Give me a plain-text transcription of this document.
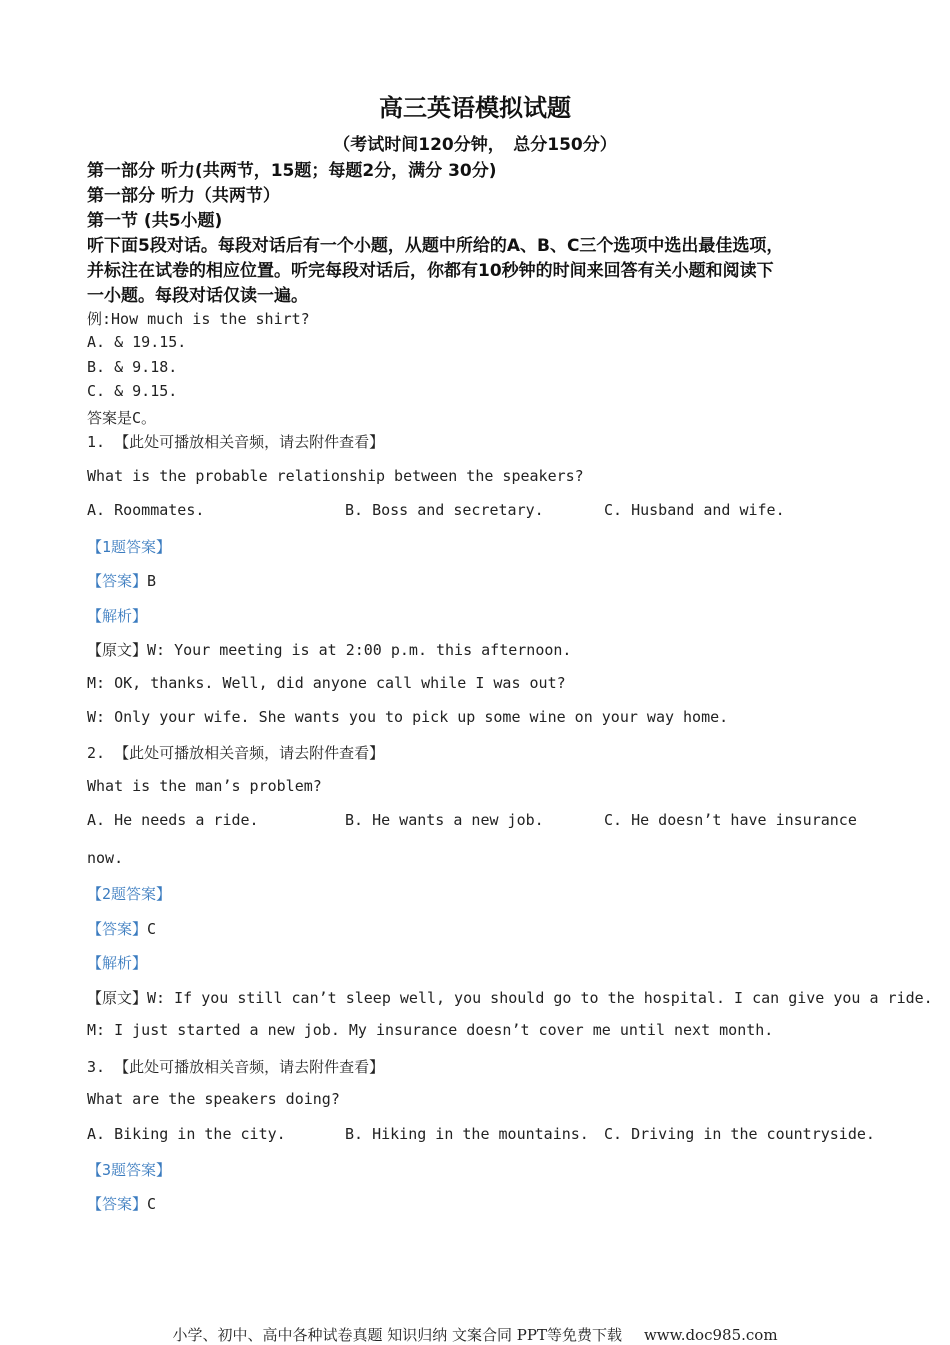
高三英语模拟试题
（考试时间120分钟，　总分150分）
第一部分 听力(共两节，15题；每题2分，满分 30分)
第一部分 听力（共两节）
第一节 (共5小题)
听下面5段对话。每段对话后有一个小题，从题中所给的A、B、C三个选项中选出最佳选项，
并标注在试卷的相应位置。听完每段对话后，你都有10秒钟的时间来回答有关小题和阅读下
一小题。每段对话仅读一遍。
例:How much is the shirt?
A. & 19.15.
B. & 9.18.
C. & 9.15.
答案是C。
1. 【此处可播放相关音频，请去附件查看】
What is the probable relationship between the speakers?
A. Roommates.	B. Boss and secretary.	C. Husband and wife.
【1题答案】
【答案】B
【解析】
【原文】W: Your meeting is at 2:00 p.m. this afternoon.
M: OK, thanks. Well, did anyone call while I was out?
W: Only your wife. She wants you to pick up some wine on your way home.
2. 【此处可播放相关音频，请去附件查看】
What is the man’s problem?
A. He needs a ride.	B. He wants a new job.	C. He doesn’t have insurance
now.
【2题答案】
【答案】C
【解析】
【原文】W: If you still can’t sleep well, you should go to the hospital. I can give you a ride.
M: I just started a new job. My insurance doesn’t cover me until next month.
3. 【此处可播放相关音频，请去附件查看】
What are the speakers doing?
A. Biking in the city.	B. Hiking in the mountains. C. Driving in the countryside.
【3题答案】
【答案】C
小学、初中、高中各种试卷真题 知识归纳 文案合同 PPT等免费下载 www.doc985.com
